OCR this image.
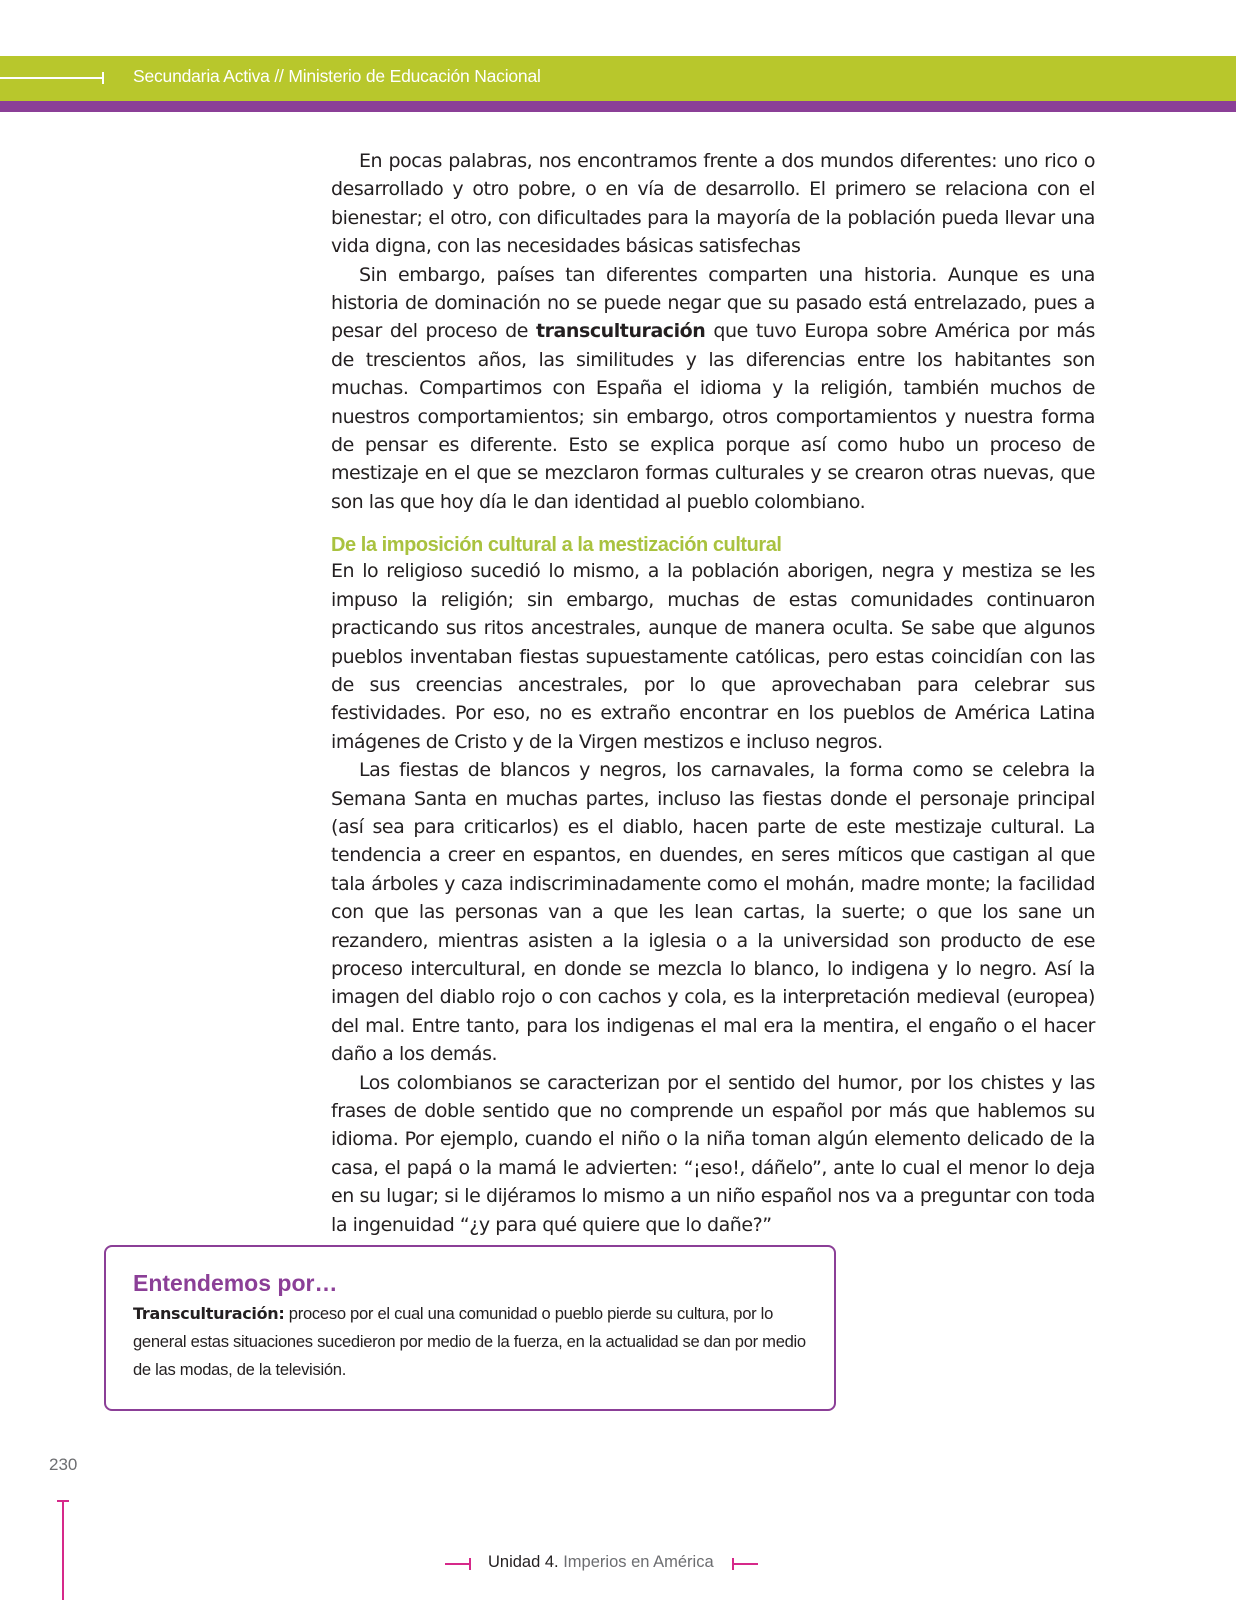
Secundaria Activa // Ministerio de Educación Nacional

En pocas palabras, nos encontramos frente a dos mundos diferentes: uno rico o desarrollado y otro pobre, o en vía de desarrollo. El primero se relaciona con el bienestar; el otro, con dificultades para la mayoría de la población pueda llevar una vida digna, con las necesidades básicas satisfechas

Sin embargo, países tan diferentes comparten una historia. Aunque es una historia de dominación no se puede negar que su pasado está entrelazado, pues a pesar del proceso de transculturación que tuvo Europa sobre América por más de trescientos años, las similitudes y las diferencias entre los habitantes son muchas. Compartimos con España el idioma y la religión, también muchos de nuestros comportamientos; sin embargo, otros comportamientos y nuestra forma de pensar es diferente. Esto se explica porque así como hubo un proceso de mestizaje en el que se mezclaron formas culturales y se crearon otras nuevas, que son las que hoy día le dan identidad al pueblo colombiano.

De la imposición cultural a la mestización cultural

En lo religioso sucedió lo mismo, a la población aborigen, negra y mestiza se les impuso la religión; sin embargo, muchas de estas comunidades continuaron practicando sus ritos ancestrales, aunque de manera oculta. Se sabe que algunos pueblos inventaban fiestas supuestamente católicas, pero estas coincidían con las de sus creencias ancestrales, por lo que aprovechaban para celebrar sus festividades. Por eso, no es extraño encontrar en los pueblos de América Latina imágenes de Cristo y de la Virgen mestizos e incluso negros.

Las fiestas de blancos y negros, los carnavales, la forma como se celebra la Semana Santa en muchas partes, incluso las fiestas donde el personaje principal (así sea para criticarlos) es el diablo, hacen parte de este mestizaje cultural. La tendencia a creer en espantos, en duendes, en seres míticos que castigan al que tala árboles y caza indiscriminadamente como el mohán, madre monte; la facilidad con que las personas van a que les lean cartas, la suerte; o que los sane un rezandero, mientras asisten a la iglesia o a la universidad son producto de ese proceso intercultural, en donde se mezcla lo blanco, lo indigena y lo negro. Así la imagen del diablo rojo o con cachos y cola, es la interpretación medieval (europea) del mal. Entre tanto, para los indigenas el mal era la mentira, el engaño o el hacer daño a los demás.

Los colombianos se caracterizan por el sentido del humor, por los chistes y las frases de doble sentido que no comprende un español por más que hablemos su idioma. Por ejemplo, cuando el niño o la niña toman algún elemento delicado de la casa, el papá o la mamá le advierten: “¡eso!, dáñelo”, ante lo cual el menor lo deja en su lugar; si le dijéramos lo mismo a un niño español nos va a preguntar con toda la ingenuidad “¿y para qué quiere que lo dañe?”

Entendemos por…
Transculturación: proceso por el cual una comunidad o pueblo pierde su cultura, por lo general estas situaciones sucedieron por medio de la fuerza, en la actualidad se dan por medio de las modas, de la televisión.
230
Unidad 4. Imperios en América
